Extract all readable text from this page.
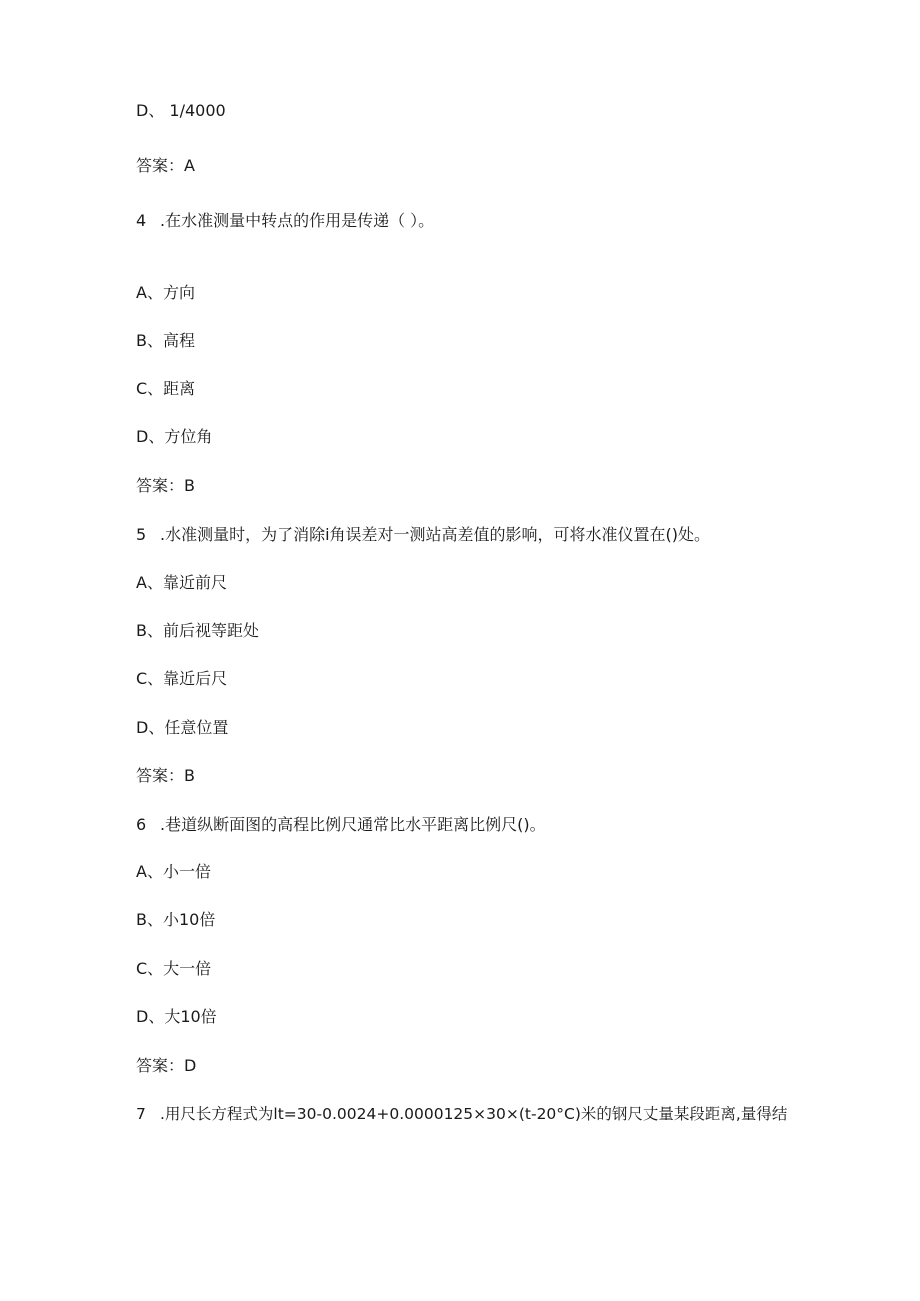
D、 1/4000
答案：A
4 .在水准测量中转点的作用是传递（ ）。
A、方向
B、高程
C、距离
D、方位角
答案：B
5 .水准测量时，为了消除i角误差对一测站高差值的影响，可将水准仪置在()处。
A、靠近前尺
B、前后视等距处
C、靠近后尺
D、任意位置
答案：B
6 .巷道纵断面图的高程比例尺通常比水平距离比例尺()。
A、小一倍
B、小10倍
C、大一倍
D、大10倍
答案：D
7 .用尺长方程式为lt=30-0.0024+0.0000125×30×(t-20°C)米的钢尺丈量某段距离,量得结
